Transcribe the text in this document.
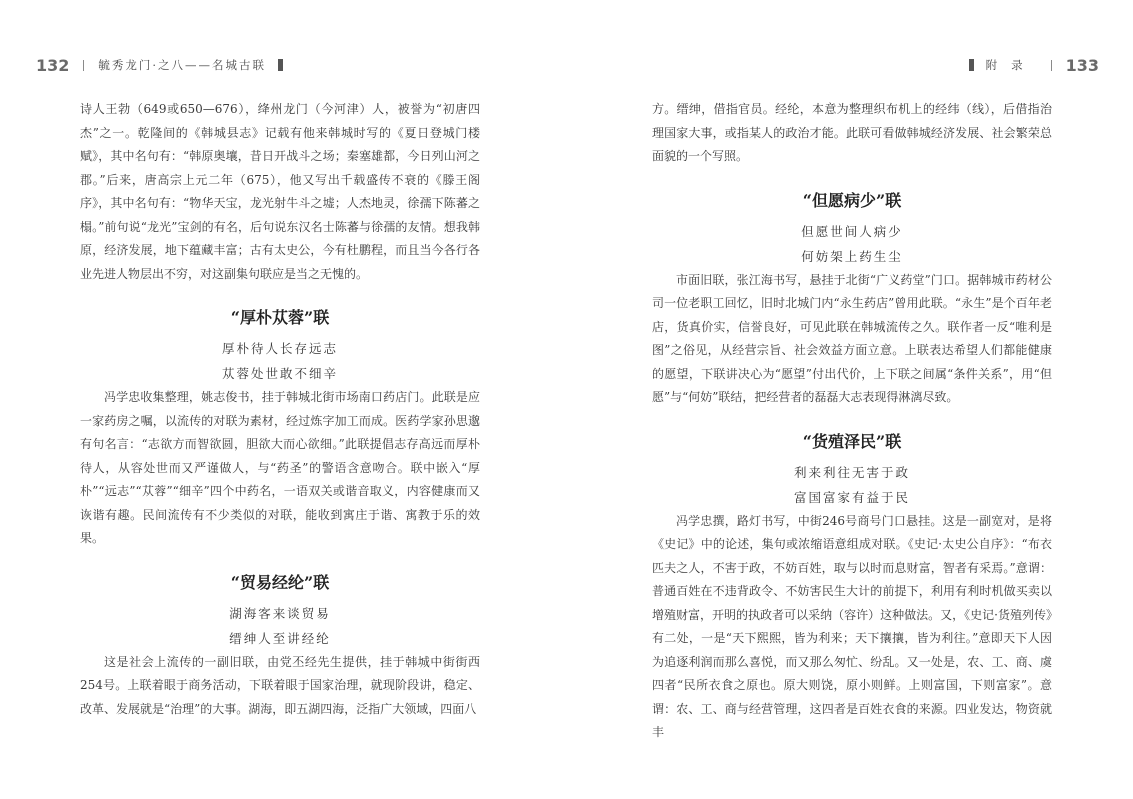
132	毓秀龙门·之八——名城古联

诗人王勃（649或650—676），绛州龙门（今河津）人，被誉为“初唐四杰”之一。乾隆间的《韩城县志》记载有他来韩城时写的《夏日登城门楼赋》，其中名句有：“韩原奥壤，昔日开战斗之场；秦塞雄都，今日列山河之郡。”后来，唐高宗上元二年（675），他又写出千载盛传不衰的《滕王阁序》，其中名句有：“物华天宝，龙光射牛斗之墟；人杰地灵，徐孺下陈蕃之榻。”前句说“龙光”宝剑的有名，后句说东汉名士陈蕃与徐孺的友情。想我韩原，经济发展，地下蕴藏丰富；古有太史公，今有杜鹏程，而且当今各行各业先进人物层出不穷，对这副集句联应是当之无愧的。

“厚朴苁蓉”联
厚朴待人长存远志
苁蓉处世敢不细辛

冯学忠收集整理，姚志俊书，挂于韩城北街市场南口药店门。此联是应一家药房之嘱，以流传的对联为素材，经过炼字加工而成。医药学家孙思邈有句名言：“志欲方而智欲圆，胆欲大而心欲细。”此联提倡志存高远而厚朴待人，从容处世而又严谨做人，与“药圣”的警语含意吻合。联中嵌入“厚朴”“远志”“苁蓉”“细辛”四个中药名，一语双关或谐音取义，内容健康而又诙谐有趣。民间流传有不少类似的对联，能收到寓庄于谐、寓教于乐的效果。

“贸易经纶”联
湖海客来谈贸易
缙绅人至讲经纶

这是社会上流传的一副旧联，由党丕经先生提供，挂于韩城中街街西254号。上联着眼于商务活动，下联着眼于国家治理，就现阶段讲，稳定、改革、发展就是“治理”的大事。湖海，即五湖四海，泛指广大领域，四面八

附录 133

方。缙绅，借指官员。经纶，本意为整理织布机上的经纬（线），后借指治理国家大事，或指某人的政治才能。此联可看做韩城经济发展、社会繁荣总面貌的一个写照。

“但愿病少”联
但愿世间人病少
何妨架上药生尘

市面旧联，张江海书写，悬挂于北街“广义药堂”门口。据韩城市药材公司一位老职工回忆，旧时北城门内“永生药店”曾用此联。“永生”是个百年老店，货真价实，信誉良好，可见此联在韩城流传之久。联作者一反“唯利是图”之俗见，从经营宗旨、社会效益方面立意。上联表达希望人们都能健康的愿望，下联讲决心为“愿望”付出代价，上下联之间属“条件关系”，用“但愿”与“何妨”联结，把经营者的磊磊大志表现得淋漓尽致。

“货殖泽民”联
利来利往无害于政
富国富家有益于民

冯学忠撰，路灯书写，中街246号商号门口悬挂。这是一副宽对，是将《史记》中的论述，集句或浓缩语意组成对联。《史记·太史公自序》：“布衣匹夫之人，不害于政，不妨百姓，取与以时而息财富，智者有采焉。”意谓：普通百姓在不违背政令、不妨害民生大计的前提下，利用有利时机做买卖以增殖财富，开明的执政者可以采纳（容许）这种做法。又，《史记·货殖列传》有二处，一是“天下熙熙，皆为利来；天下攘攘，皆为利往。”意即天下人因为追逐利润而那么喜悦，而又那么匆忙、纷乱。又一处是，农、工、商、虞四者“民所衣食之原也。原大则饶，原小则鲜。上则富国，下则富家”。意谓：农、工、商与经营管理，这四者是百姓衣食的来源。四业发达，物资就丰
